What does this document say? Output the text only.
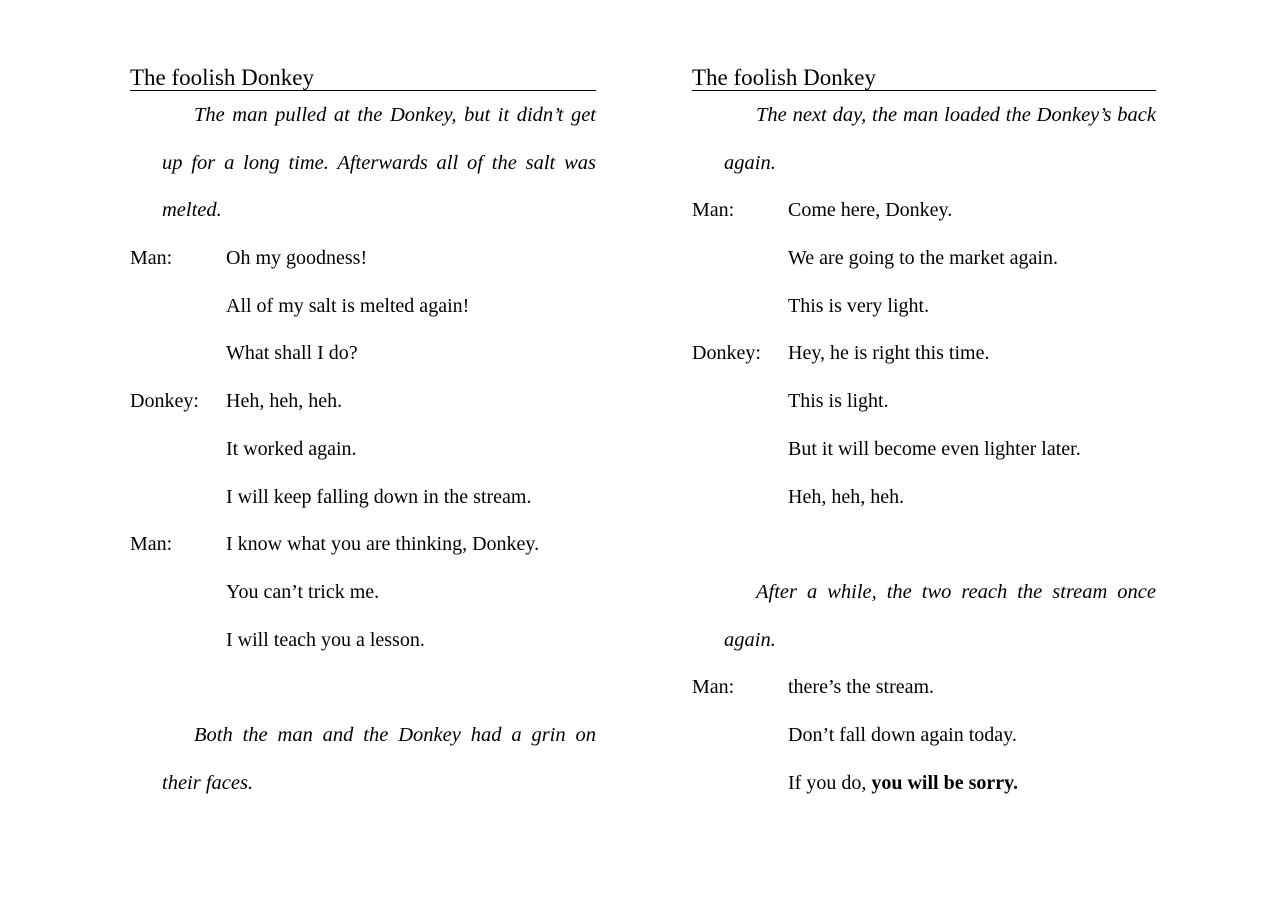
The foolish Donkey
The man pulled at the Donkey, but it didn’t get up for a long time. Afterwards all of the salt was melted.
Man:	Oh my goodness!
All of my salt is melted again!
What shall I do?
Donkey: Heh, heh, heh.
It worked again.
I will keep falling down in the stream.
Man:	I know what you are thinking, Donkey.
You can’t trick me.
I will teach you a lesson.
Both the man and the Donkey had a grin on their faces.
The foolish Donkey
The next day, the man loaded the Donkey’s back again.
Man:	Come here, Donkey.
We are going to the market again.
This is very light.
Donkey: Hey, he is right this time.
This is light.
But it will become even lighter later.
Heh, heh, heh.
After a while, the two reach the stream once again.
Man:	there’s the stream.
Don’t fall down again today.
If you do, you will be sorry.
